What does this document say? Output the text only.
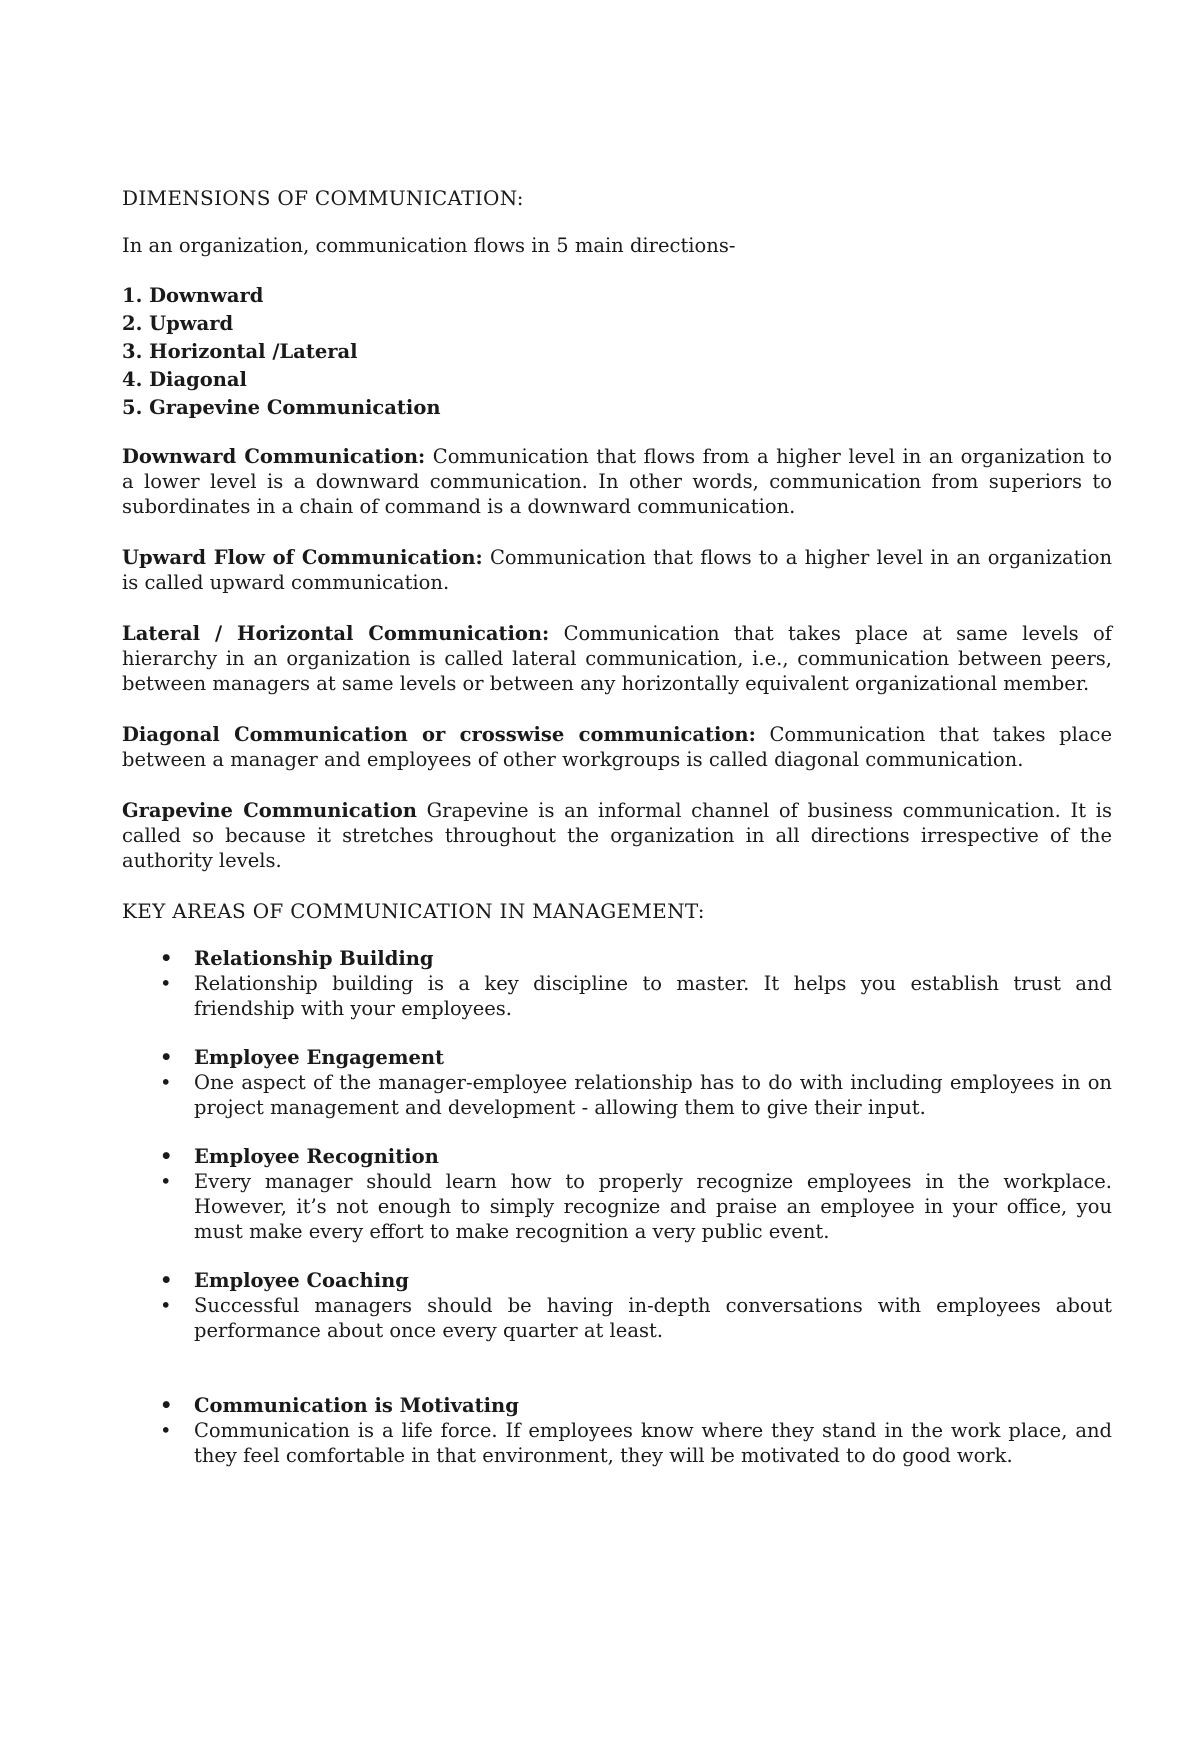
DIMENSIONS OF COMMUNICATION:

In an organization, communication flows in 5 main directions-

1. Downward
2. Upward
3. Horizontal /Lateral
4. Diagonal
5. Grapevine Communication

Downward Communication: Communication that flows from a higher level in an organization to a lower level is a downward communication. In other words, communication from superiors to subordinates in a chain of command is a downward communication.

Upward Flow of Communication: Communication that flows to a higher level in an organization is called upward communication.

Lateral / Horizontal Communication: Communication that takes place at same levels of hierarchy in an organization is called lateral communication, i.e., communication between peers, between managers at same levels or between any horizontally equivalent organizational member.

Diagonal Communication or crosswise communication: Communication that takes place between a manager and employees of other workgroups is called diagonal communication.

Grapevine Communication Grapevine is an informal channel of business communication. It is called so because it stretches throughout the organization in all directions irrespective of the authority levels.

KEY AREAS OF COMMUNICATION IN MANAGEMENT:
• Relationship Building
• Relationship building is a key discipline to master. It helps you establish trust and friendship with your employees.
• Employee Engagement
• One aspect of the manager-employee relationship has to do with including employees in on project management and development - allowing them to give their input.
• Employee Recognition
• Every manager should learn how to properly recognize employees in the workplace. However, it’s not enough to simply recognize and praise an employee in your office, you must make every effort to make recognition a very public event.
• Employee Coaching
• Successful managers should be having in-depth conversations with employees about performance about once every quarter at least.
• Communication is Motivating
• Communication is a life force. If employees know where they stand in the work place, and they feel comfortable in that environment, they will be motivated to do good work.
